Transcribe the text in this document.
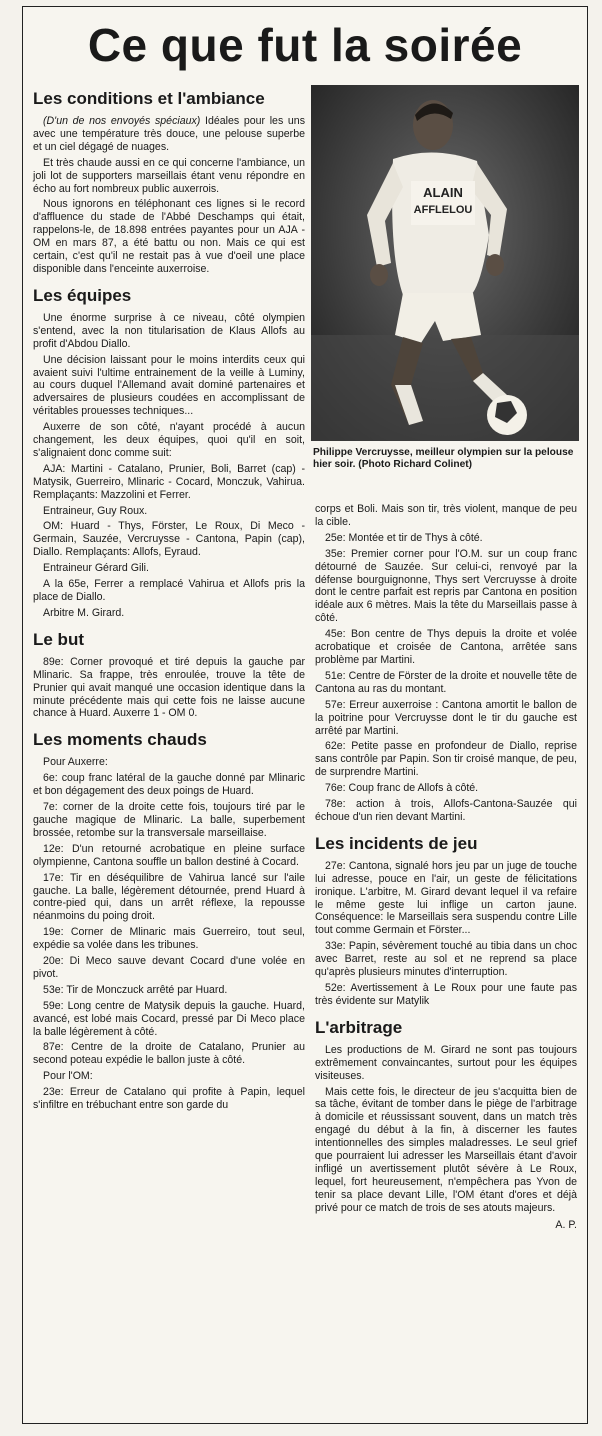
Ce que fut la soirée
Les conditions et l'ambiance

(D'un de nos envoyés spéciaux) Idéales pour les uns avec une température très douce, une pelouse superbe et un ciel dégagé de nuages.

Et très chaude aussi en ce qui concerne l'ambiance, un joli lot de supporters marseillais étant venu répondre en écho au fort nombreux public auxerrois.

Nous ignorons en téléphonant ces lignes si le record d'affluence du stade de l'Abbé Deschamps qui était, rappelons-le, de 18.898 entrées payantes pour un AJA - OM en mars 87, a été battu ou non. Mais ce qui est certain, c'est qu'il ne restait pas à vue d'oeil une place disponible dans l'enceinte auxerroise.

Les équipes

Une énorme surprise à ce niveau, côté olympien s'entend, avec la non titularisation de Klaus Allofs au profit d'Abdou Diallo.

Une décision laissant pour le moins interdits ceux qui avaient suivi l'ultime entrainement de la veille à Luminy, au cours duquel l'Allemand avait dominé partenaires et adversaires de plusieurs coudées en accomplissant de véritables prouesses techniques...

Auxerre de son côté, n'ayant procédé à aucun changement, les deux équipes, quoi qu'il en soit, s'alignaient donc comme suit:

AJA: Martini - Catalano, Prunier, Boli, Barret (cap) - Matysik, Guerreiro, Mlinaric - Cocard, Monczuk, Vahirua. Remplaçants: Mazzolini et Ferrer.

Entraineur, Guy Roux.

OM: Huard - Thys, Förster, Le Roux, Di Meco - Germain, Sauzée, Vercruysse - Cantona, Papin (cap), Diallo. Remplaçants: Allofs, Eyraud.

Entraineur Gérard Gili.

A la 65e, Ferrer a remplacé Vahirua et Allofs pris la place de Diallo.

Arbitre M. Girard.

Le but

89e: Corner provoqué et tiré depuis la gauche par Mlinaric. Sa frappe, très enroulée, trouve la tête de Prunier qui avait manqué une occasion identique dans la minute précédente mais qui cette fois ne laisse aucune chance à Huard. Auxerre 1 - OM 0.

Les moments chauds

Pour Auxerre:

6e: coup franc latéral de la gauche donné par Mlinaric et bon dégagement des deux poings de Huard.

7e: corner de la droite cette fois, toujours tiré par le gauche magique de Mlinaric. La balle, superbement brossée, retombe sur la transversale marseillaise.

12e: D'un retourné acrobatique en pleine surface olympienne, Cantona souffle un ballon destiné à Cocard.

17e: Tir en déséquilibre de Vahirua lancé sur l'aile gauche. La balle, légèrement détournée, prend Huard à contre-pied qui, dans un arrêt réflexe, la repousse néanmoins du poing droit.

19e: Corner de Mlinaric mais Guerreiro, tout seul, expédie sa volée dans les tribunes.

20e: Di Meco sauve devant Cocard d'une volée en pivot.

53e: Tir de Monczuck arrêté par Huard.

59e: Long centre de Matysik depuis la gauche. Huard, avancé, est lobé mais Cocard, pressé par Di Meco place la balle légèrement à côté.

87e: Centre de la droite de Catalano, Prunier au second poteau expédie le ballon juste à côté.

Pour l'OM:

23e: Erreur de Catalano qui profite à Papin, lequel s'infiltre en trébuchant entre son garde du

ALAIN
AFFLELOU
Philippe Vercruysse, meilleur olympien sur la pelouse hier soir. (Photo Richard Colinet)

corps et Boli. Mais son tir, très violent, manque de peu la cible.

25e: Montée et tir de Thys à côté.

35e: Premier corner pour l'O.M. sur un coup franc détourné de Sauzée. Sur celui-ci, renvoyé par la défense bourguignonne, Thys sert Vercruysse à droite dont le centre parfait est repris par Cantona en position idéale aux 6 mètres. Mais la tête du Marseillais passe à côté.

45e: Bon centre de Thys depuis la droite et volée acrobatique et croisée de Cantona, arrêtée sans problème par Martini.

51e: Centre de Förster de la droite et nouvelle tête de Cantona au ras du montant.

57e: Erreur auxerroise : Cantona amortit le ballon de la poitrine pour Vercruysse dont le tir du gauche est arrêté par Martini.

62e: Petite passe en profondeur de Diallo, reprise sans contrôle par Papin. Son tir croisé manque, de peu, de surprendre Martini.

76e: Coup franc de Allofs à côté.

78e: action à trois, Allofs-Cantona-Sauzée qui échoue d'un rien devant Martini.

Les incidents de jeu

27e: Cantona, signalé hors jeu par un juge de touche lui adresse, pouce en l'air, un geste de félicitations ironique. L'arbitre, M. Girard devant lequel il va refaire le même geste lui inflige un carton jaune. Conséquence: le Marseillais sera suspendu contre Lille tout comme Germain et Förster...

33e: Papin, sévèrement touché au tibia dans un choc avec Barret, reste au sol et ne reprend sa place qu'après plusieurs minutes d'interruption.

52e: Avertissement à Le Roux pour une faute pas très évidente sur Matylik

L'arbitrage

Les productions de M. Girard ne sont pas toujours extrêmement convaincantes, surtout pour les équipes visiteuses.

Mais cette fois, le directeur de jeu s'acquitta bien de sa tâche, évitant de tomber dans le piège de l'arbitrage à domicile et réussissant souvent, dans un match très engagé du début à la fin, à discerner les fautes intentionnelles des simples maladresses. Le seul grief que pourraient lui adresser les Marseillais étant d'avoir infligé un avertissement plutôt sévère à Le Roux, lequel, fort heureusement, n'empêchera pas Yvon de tenir sa place devant Lille, l'OM étant d'ores et déjà privé pour ce match de trois de ses atouts majeurs.

A. P.
